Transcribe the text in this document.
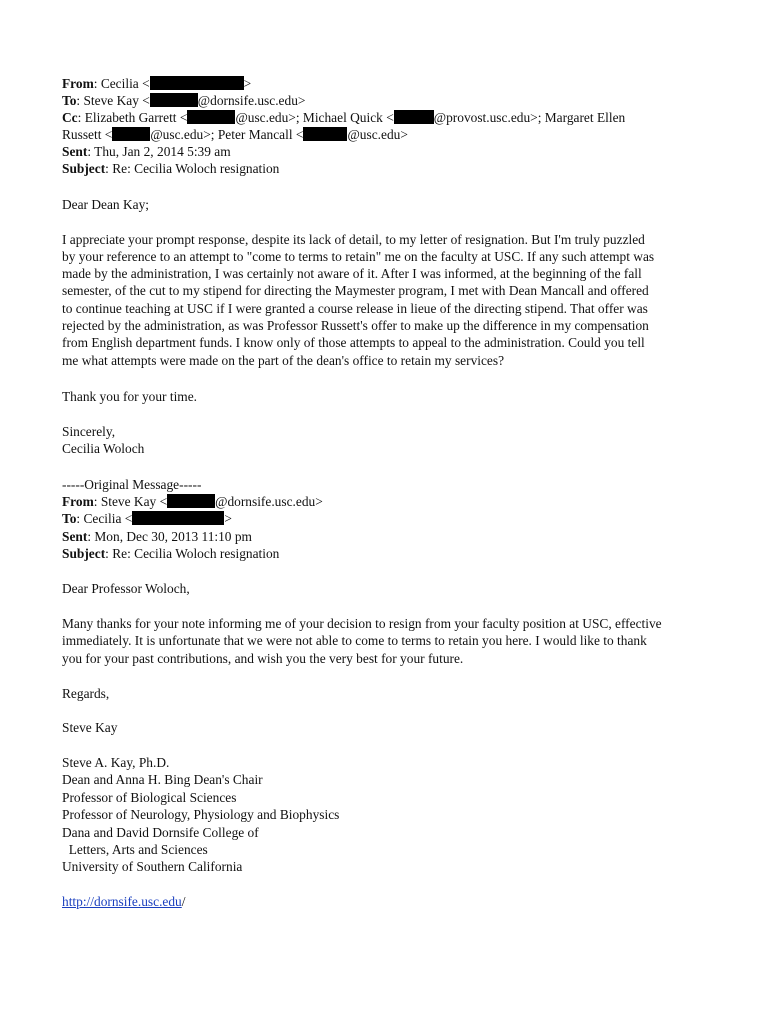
From: Cecilia <	>
To: Steve Kay <	@dornsife.usc.edu>
Cc: Elizabeth Garrett <	@usc.edu>; Michael Quick <	@provost.usc.edu>; Margaret Ellen
Russett <	@usc.edu>; Peter Mancall <	@usc.edu>
Sent: Thu, Jan 2, 2014 5:39 am
Subject: Re: Cecilia Woloch resignation
Dear Dean Kay;
I appreciate your prompt response, despite its lack of detail, to my letter of resignation. But I'm truly puzzled
by your reference to an attempt to "come to terms to retain" me on the faculty at USC. If any such attempt was
made by the administration, I was certainly not aware of it. After I was informed, at the beginning of the fall
semester, of the cut to my stipend for directing the Maymester program, I met with Dean Mancall and offered
to continue teaching at USC if I were granted a course release in lieue of the directing stipend. That offer was
rejected by the administration, as was Professor Russett's offer to make up the difference in my compensation
from English department funds. I know only of those attempts to appeal to the administration. Could you tell
me what attempts were made on the part of the dean's office to retain my services?
Thank you for your time.
Sincerely,
Cecilia Woloch
-----Original Message-----
From: Steve Kay <	@dornsife.usc.edu>
To: Cecilia <	>
Sent: Mon, Dec 30, 2013 11:10 pm
Subject: Re: Cecilia Woloch resignation
Dear Professor Woloch,
Many thanks for your note informing me of your decision to resign from your faculty position at USC, effective
immediately. It is unfortunate that we were not able to come to terms to retain you here. I would like to thank
you for your past contributions, and wish you the very best for your future.
Regards,
Steve Kay
Steve A. Kay, Ph.D.
Dean and Anna H. Bing Dean's Chair
Professor of Biological Sciences
Professor of Neurology, Physiology and Biophysics
Dana and David Dornsife College of
Letters, Arts and Sciences
University of Southern California
http://dornsife.usc.edu/
